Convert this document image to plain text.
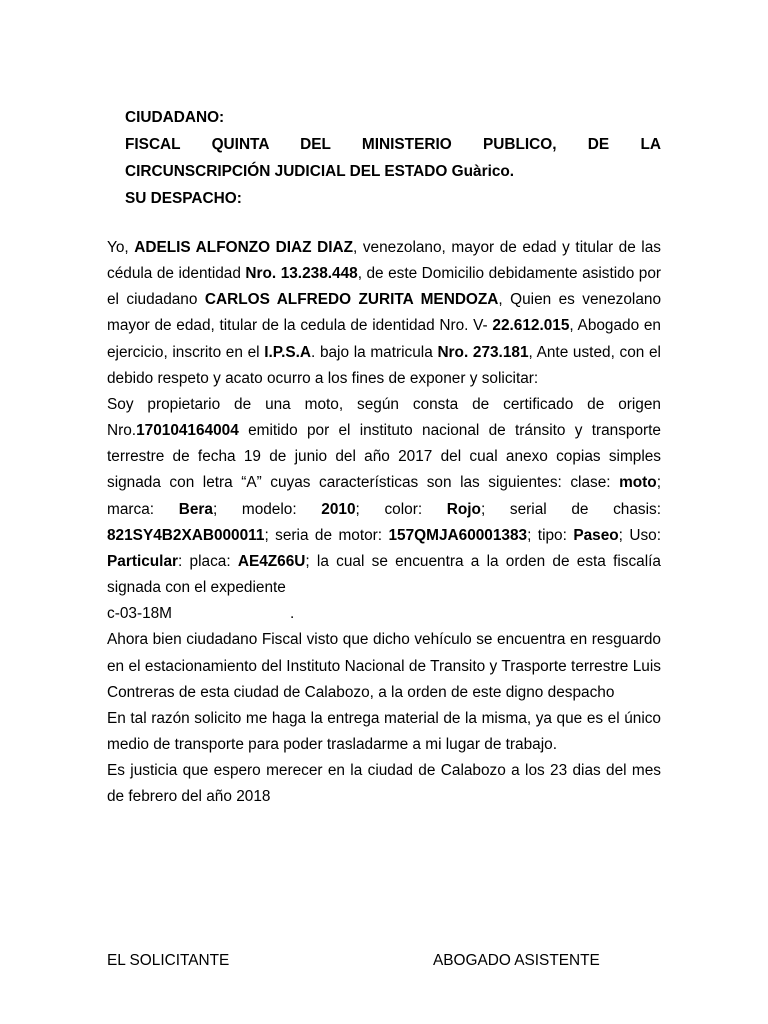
CIUDADANO:
FISCAL QUINTA DEL MINISTERIO PUBLICO, DE LA
CIRCUNSCRIPCIÓN JUDICIAL DEL ESTADO Guàrico.
SU DESPACHO:

Yo, ADELIS ALFONZO DIAZ DIAZ, venezolano, mayor de edad y titular de las cédula de identidad Nro. 13.238.448, de este Domicilio debidamente asistido por el ciudadano CARLOS ALFREDO ZURITA MENDOZA, Quien es venezolano mayor de edad, titular de la cedula de identidad Nro. V- 22.612.015, Abogado en ejercicio, inscrito en el I.P.S.A. bajo la matricula Nro. 273.181, Ante usted, con el debido respeto y acato ocurro a los fines de exponer y solicitar:

Soy propietario de una moto, según consta de certificado de origen Nro.170104164004 emitido por el instituto nacional de tránsito y transporte terrestre de fecha 19 de junio del año 2017 del cual anexo copias simples signada con letra “A” cuyas características son las siguientes: clase: moto; marca: Bera; modelo: 2010; color: Rojo; serial de chasis: 821SY4B2XAB000011; seria de motor: 157QMJA60001383; tipo: Paseo; Uso: Particular: placa: AE4Z66U; la cual se encuentra a la orden de esta fiscalía signada con el expediente
c-03-18M	.

Ahora bien ciudadano Fiscal visto que dicho vehículo se encuentra en resguardo en el estacionamiento del Instituto Nacional de Transito y Trasporte terrestre Luis Contreras de esta ciudad de Calabozo, a la orden de este digno despacho

En tal razón solicito me haga la entrega material de la misma, ya que es el único medio de transporte para poder trasladarme a mi lugar de trabajo.

Es justicia que espero merecer en la ciudad de Calabozo a los 23 dias del mes de febrero del año 2018

EL SOLICITANTE	ABOGADO ASISTENTE
